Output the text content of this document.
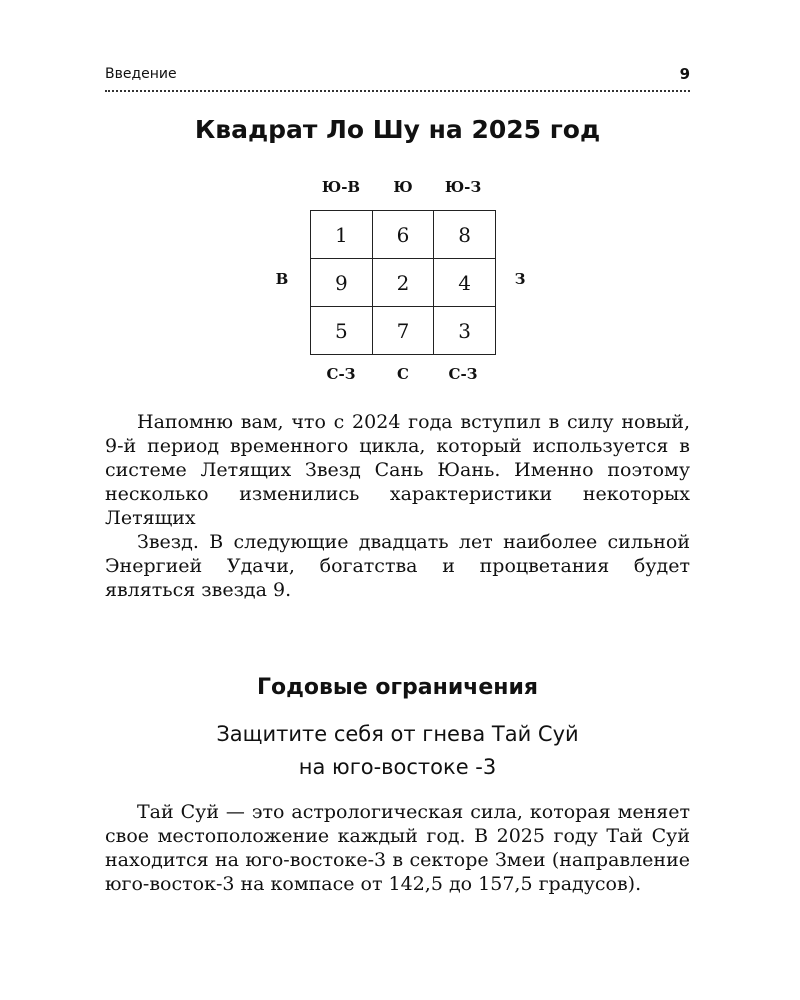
Введение	9
Квадрат Ло Шу на 2025 год
Ю-В	Ю	Ю-З
В	З
С-З	С	С-З
1	6	8
9	2	4
5	7	3

Напомню вам, что с 2024 года вступил в силу новый, 9-й период временного цикла, который используется в системе Летящих Звезд Сань Юань. Именно поэтому несколько изменились характеристики некоторых Летящих

Звезд. В следующие двадцать лет наиболее сильной Энергией Удачи, богатства и процветания будет являться звезда 9.

Годовые ограничения
Защитите себя от гнева Тай Суй
на юго-востоке -3

Тай Суй — это астрологическая сила, которая меняет свое местоположение каждый год. В 2025 году Тай Суй находится на юго-востоке-3 в секторе Змеи (направление юго-восток-3 на компасе от 142,5 до 157,5 градусов).
